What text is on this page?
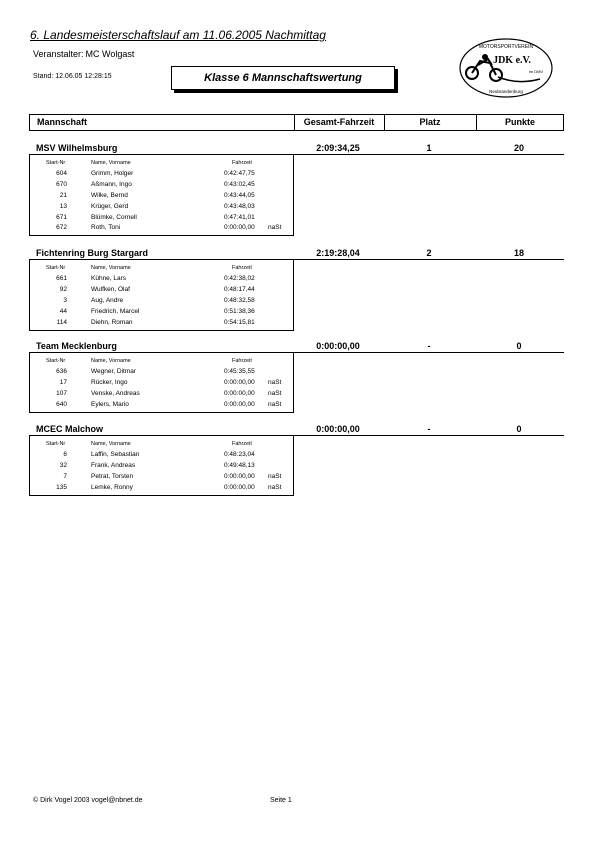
6. Landesmeisterschaftslauf am 11.06.2005 Nachmittag
Veranstalter: MC Wolgast
Stand: 12.06.05 12:28:15	Klasse 6 Mannschaftswertung
MOTORSPORTVEREIN
JDK e.V.
im DMV
Neubrandenburg
Mannschaft	Gesamt-Fahrzeit	Platz	Punkte
MSV Wilhelmsburg	2:09:34,25	1	20
Start-Nr	Name, Vorname	Fahrzeit
604	Grimm, Holger	0:42:47,75
670	Aßmann, Ingo	0:43:02,45
21	Wilke, Bernd	0:43:44,05
13	Krüger, Gerd	0:43:48,03
671	Blümke, Cornell	0:47:41,01
672	Roth, Toni	0:00:00,00 naSt
Fichtenring Burg Stargard	2:19:28,04	2	18
Start-Nr	Name, Vorname	Fahrzeit
661	Kühne, Lars	0:42:38,02
92	Wulfken, Olaf	0:48:17,44
3	Aug, Andre	0:48:32,58
44	Friedrich, Marcel	0:51:38,36
114	Diehn, Roman	0:54:15,81
Team Mecklenburg	0:00:00,00	-	0
Start-Nr	Name, Vorname	Fahrzeit
636	Wegner, Ditmar	0:45:35,55
17	Rücker, Ingo	0:00:00,00 naSt
107	Venske, Andreas	0:00:00,00 naSt
640	Eylers, Mario	0:00:00,00 naSt
MCEC Malchow	0:00:00,00	-	0
Start-Nr	Name, Vorname	Fahrzeit
6	Laffin, Sebastian	0:48:23,04
32	Frank, Andreas	0:49:48,13
7	Petrat, Torsten	0:00:00,00 naSt
135	Lemke, Ronny	0:00:00,00 naSt
© Dirk Vogel 2003 vogel@nbnet.de	Seite 1
